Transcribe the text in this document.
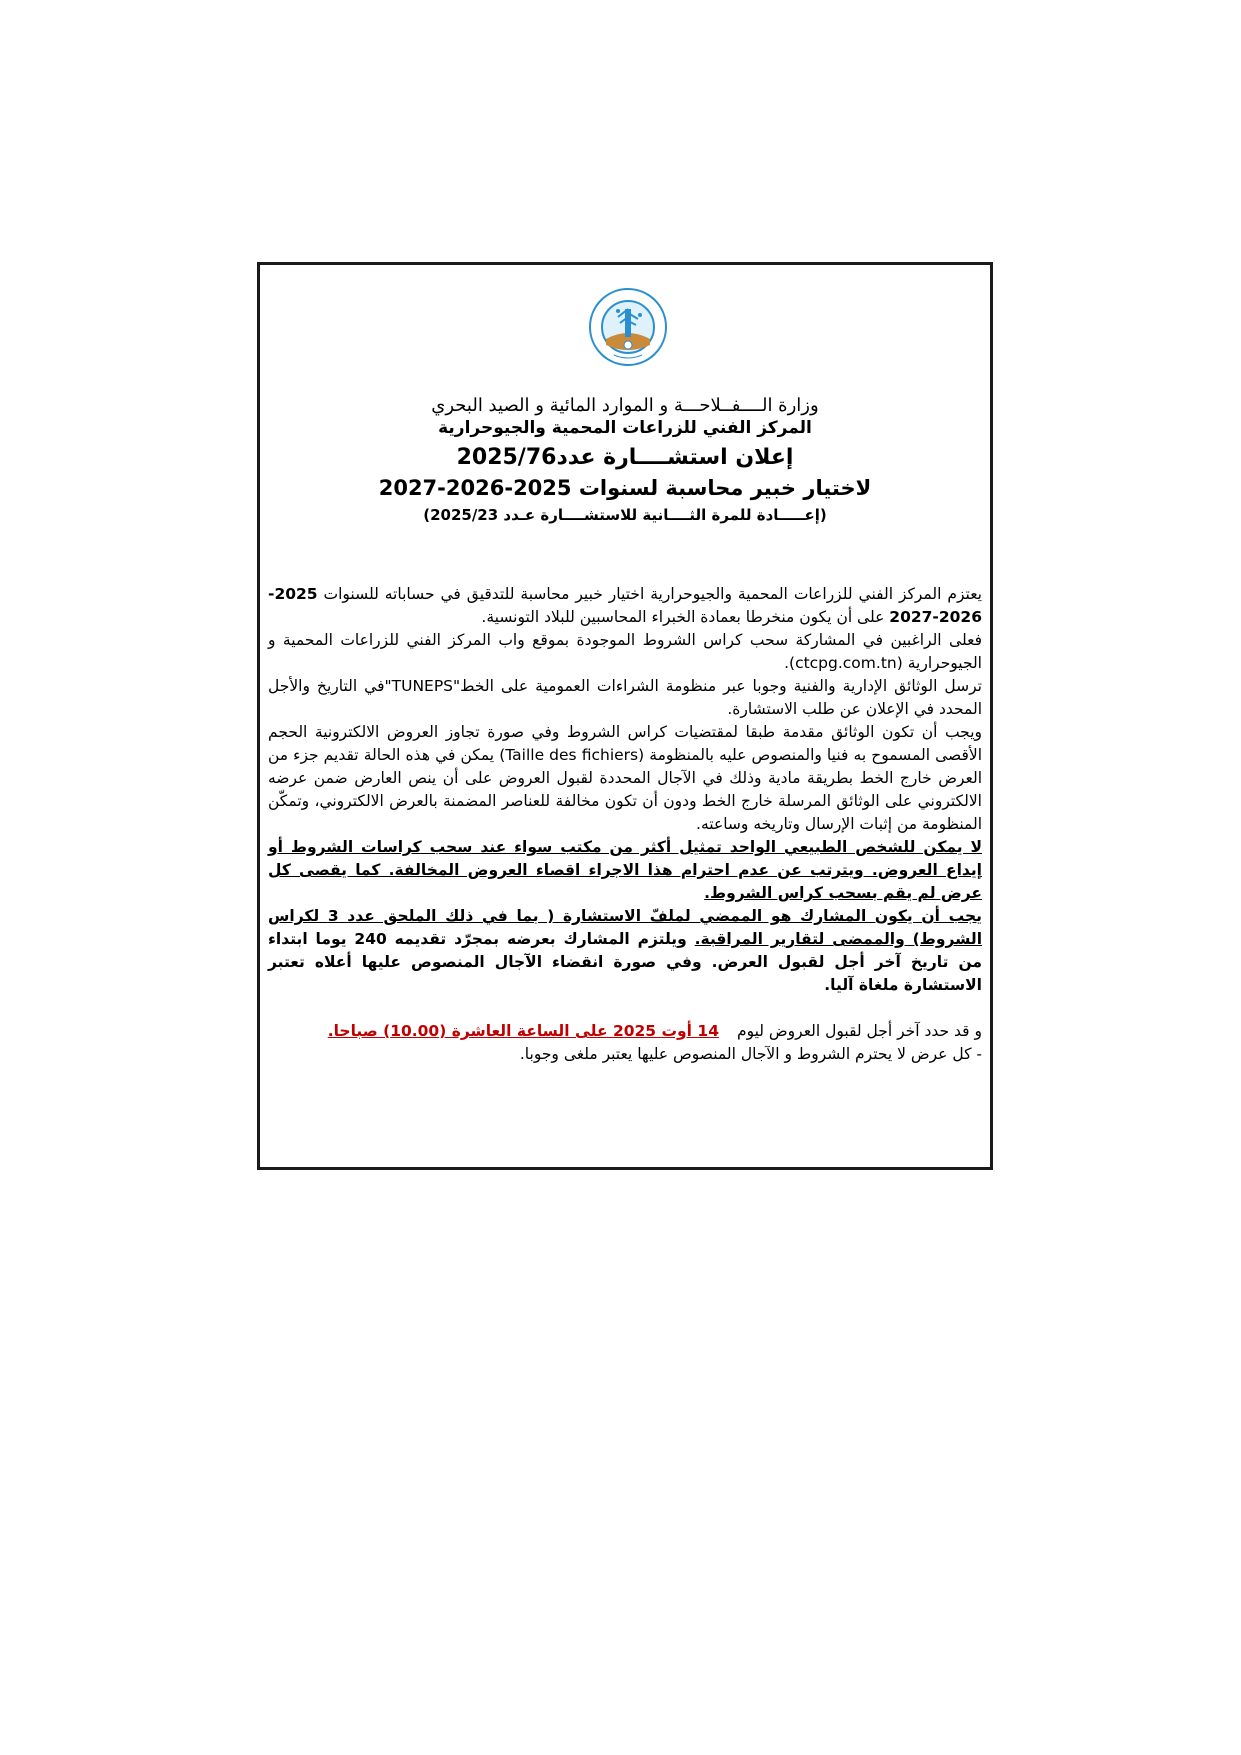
وزارة الــــفــلاحـــة و الموارد المائية و الصيد البحري
المركز الفني للزراعات المحمية والجيوحرارية
إعلان استشــــارة عدد2025/76
لاختيار خبير محاسبة لسنوات 2025-2026-2027
(إعـــــادة للمرة الثــــانية للاستشــــارة عـدد 2025/23)

يعتزم المركز الفني للزراعات المحمية والجيوحرارية اختيار خبير محاسبة للتدقيق في حساباته للسنوات 2025-2026-2027 على أن يكون منخرطا بعمادة الخبراء المحاسبين للبلاد التونسية.

فعلى الراغبين في المشاركة سحب كراس الشروط الموجودة بموقع واب المركز الفني للزراعات المحمية و الجيوحرارية (ctcpg.com.tn).

ترسل الوثائق الإدارية والفنية وجوبا عبر منظومة الشراءات العمومية على الخط"TUNEPS"في التاريخ والأجل المحدد في الإعلان عن طلب الاستشارة.

ويجب أن تكون الوثائق مقدمة طبقا لمقتضيات كراس الشروط وفي صورة تجاوز العروض الالكترونية الحجم الأقصى المسموح به فنيا والمنصوص عليه بالمنظومة (Taille des fichiers) يمكن في هذه الحالة تقديم جزء من العرض خارج الخط بطريقة مادية وذلك في الآجال المحددة لقبول العروض على أن ينص العارض ضمن عرضه الالكتروني على الوثائق المرسلة خارج الخط ودون أن تكون مخالفة للعناصر المضمنة بالعرض الالكتروني، وتمكّن المنظومة من إثبات الإرسال وتاريخه وساعته.

لا يمكن للشخص الطبيعي الواحد تمثيل أكثر من مكتب سواء عند سحب كراسات الشروط أو إيداع العروض. ويترتب عن عدم احترام هذا الاجراء اقصاء العروض المخالفة. كما يقصى كل عرض لم يقم بسحب كراس الشروط.

يجب أن يكون المشارك هو الممضي لملفّ الاستشارة ( بما في ذلك الملحق عدد 3 لكراس الشروط) والممضى لتقارير المراقبة. ويلتزم المشارك بعرضه بمجرّد تقديمه 240 يوما ابتداء من تاريخ آخر أجل لقبول العرض. وفي صورة انقضاء الآجال المنصوص عليها أعلاه تعتبر الاستشارة ملغاة آليا.

و قد حدد آخر أجل لقبول العروض ليوم14 أوت 2025 على الساعة العاشرة (10.00) صباحا.

- كل عرض لا يحترم الشروط و الآجال المنصوص عليها يعتبر ملغى وجوبا.
